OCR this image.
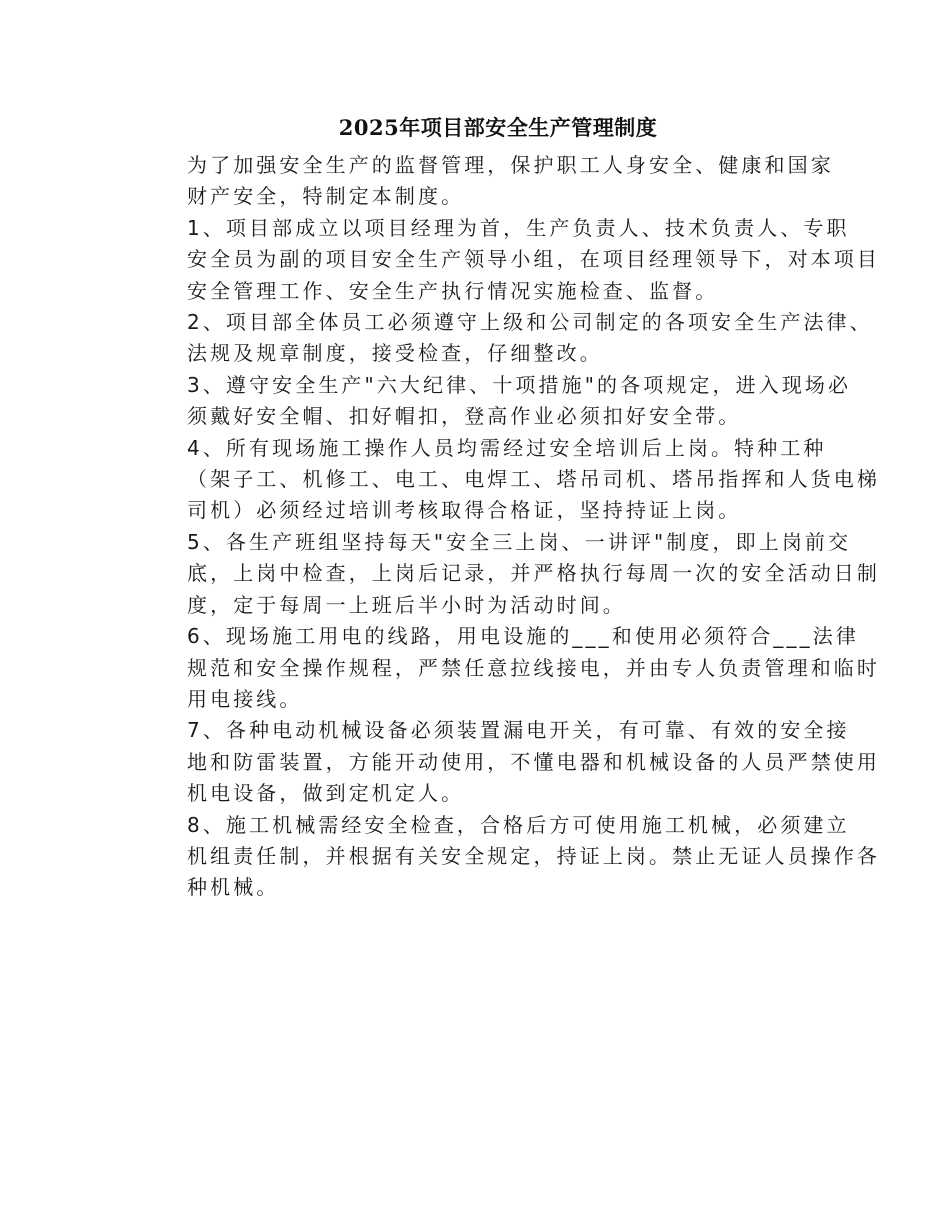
2025年项目部安全生产管理制度
为了加强安全生产的监督管理，保护职工人身安全、健康和国家
财产安全，特制定本制度。
1、项目部成立以项目经理为首，生产负责人、技术负责人、专职
安全员为副的项目安全生产领导小组，在项目经理领导下，对本项目
安全管理工作、安全生产执行情况实施检查、监督。
2、项目部全体员工必须遵守上级和公司制定的各项安全生产法律、
法规及规章制度，接受检查，仔细整改。
3、遵守安全生产"六大纪律、十项措施"的各项规定，进入现场必
须戴好安全帽、扣好帽扣，登高作业必须扣好安全带。
4、所有现场施工操作人员均需经过安全培训后上岗。特种工种
（架子工、机修工、电工、电焊工、塔吊司机、塔吊指挥和人货电梯
司机）必须经过培训考核取得合格证，坚持持证上岗。
5、各生产班组坚持每天"安全三上岗、一讲评"制度，即上岗前交
底，上岗中检查，上岗后记录，并严格执行每周一次的安全活动日制
度，定于每周一上班后半小时为活动时间。
6、现场施工用电的线路，用电设施的___和使用必须符合___法律
规范和安全操作规程，严禁任意拉线接电，并由专人负责管理和临时
用电接线。
7、各种电动机械设备必须装置漏电开关，有可靠、有效的安全接
地和防雷装置，方能开动使用，不懂电器和机械设备的人员严禁使用
机电设备，做到定机定人。
8、施工机械需经安全检查，合格后方可使用施工机械，必须建立
机组责任制，并根据有关安全规定，持证上岗。禁止无证人员操作各
种机械。
